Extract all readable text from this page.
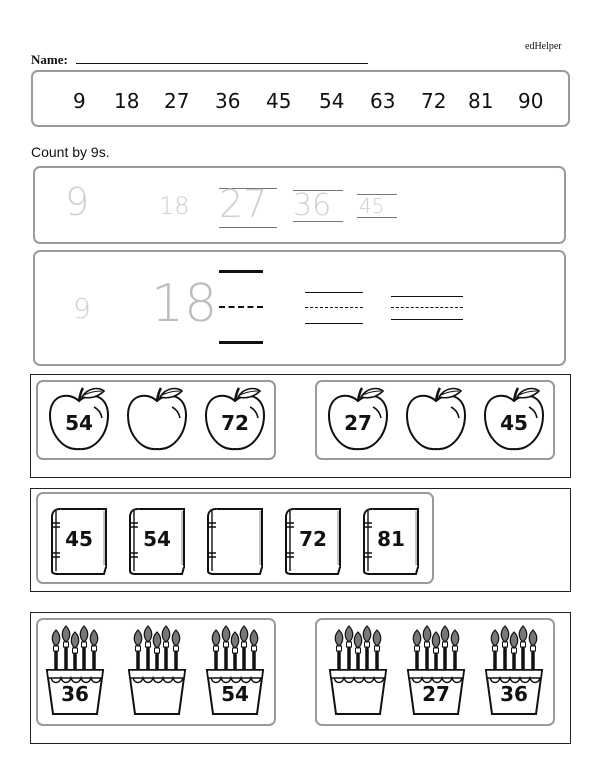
edHelper
Name:
9 18 27 36 45 54 63 72 81 90
Count by 9s.
9	18 27 36 45
9 18
54	72	27	45
45	54	72	81
36	54	27	36
